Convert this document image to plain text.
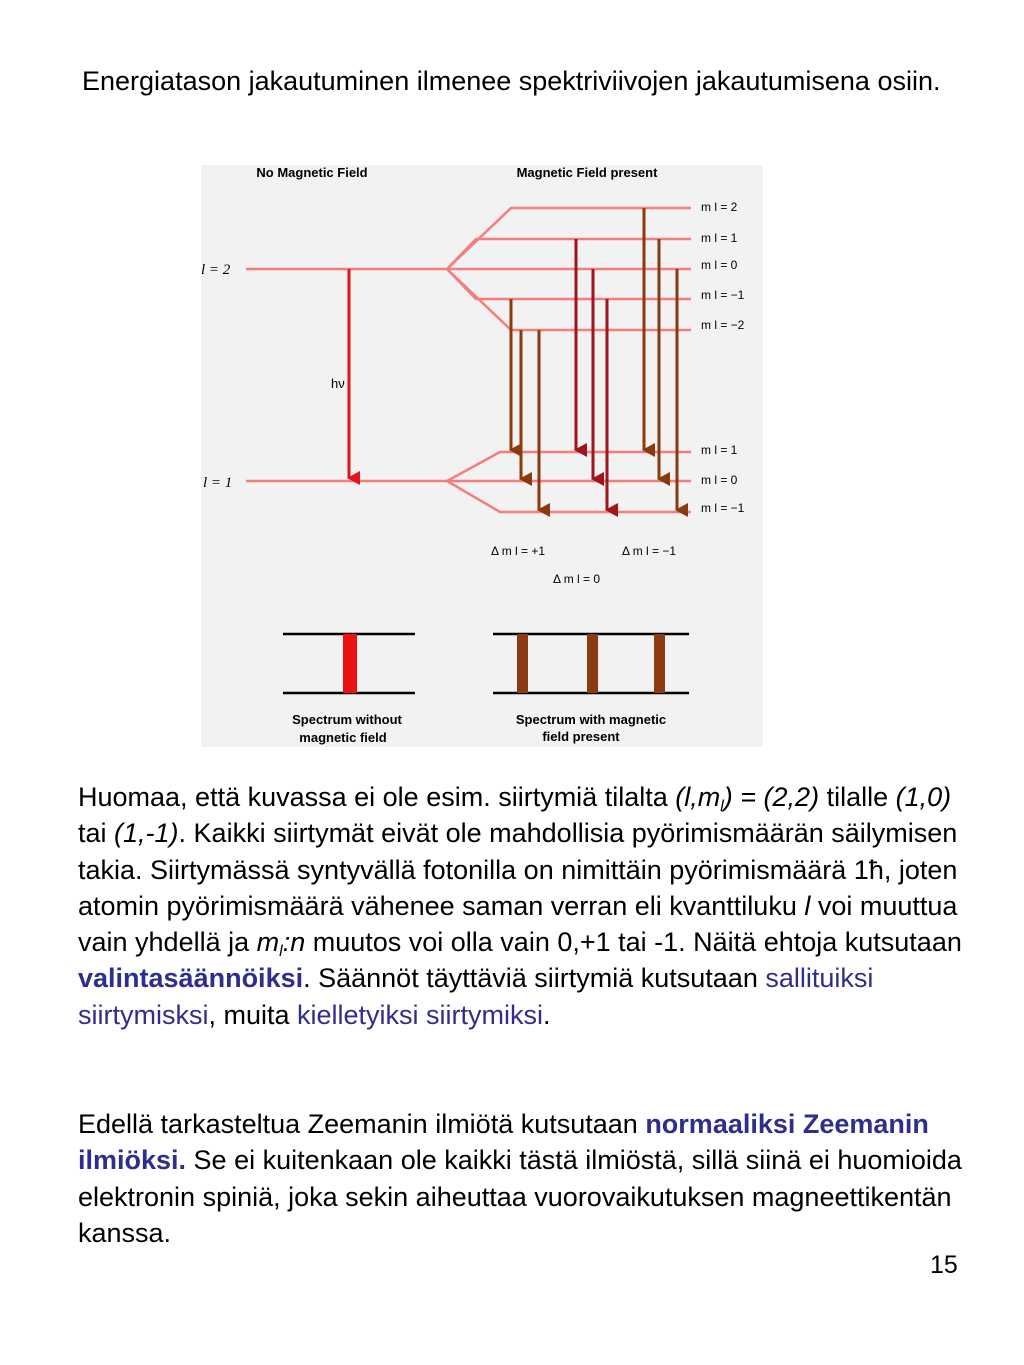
Energiatason jakautuminen ilmenee spektriviivojen jakautumisena osiin.

No Magnetic Field	Magnetic Field present
l = 2
l = 1
hν
m l = 2
m l = 1
m l = 0
m l = −1
m l = −2
m l = 1
m l = 0
m l = −1
Δ m l = +1	Δ m l = −1
Δ m l = 0
Spectrum without
magnetic field
Spectrum with magnetic
field present

Huomaa, että kuvassa ei ole esim. siirtymiä tilalta $(l,m_l) = (2,2)$ tilalle (1,0) tai (1,-1). Kaikki siirtymät eivät ole mahdollisia pyörimismäärän säilymisen takia. Siirtymässä syntyvällä fotonilla on nimittäin pyörimismäärä 1ħ, joten atomin pyörimismäärä vähenee saman verran eli kvanttiluku l voi muuttua vain yhdellä ja $m_l:n$ muutos voi olla vain 0,+1 tai -1. Näitä ehtoja kutsutaan valintasäännöiksi. Säännöt täyttäviä siirtymiä kutsutaan sallituiksi siirtymisksi, muita kielletyiksi siirtymiksi.

Edellä tarkasteltua Zeemanin ilmiötä kutsutaan normaaliksi Zeemanin ilmiöksi. Se ei kuitenkaan ole kaikki tästä ilmiöstä, sillä siinä ei huomioida elektronin spiniä, joka sekin aiheuttaa vuorovaikutuksen magneettikentän kanssa.

15
